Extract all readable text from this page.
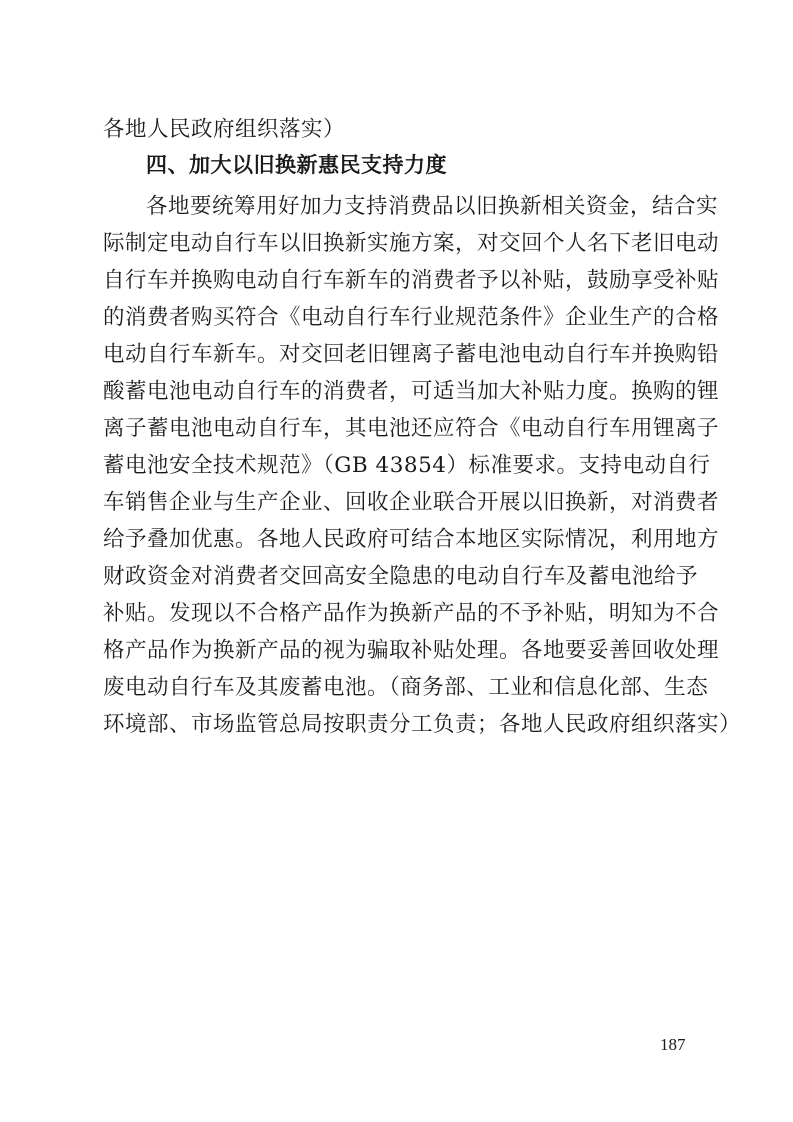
各地人民政府组织落实）
四、加大以旧换新惠民支持力度
各地要统筹用好加力支持消费品以旧换新相关资金，结合实
际制定电动自行车以旧换新实施方案，对交回个人名下老旧电动
自行车并换购电动自行车新车的消费者予以补贴，鼓励享受补贴
的消费者购买符合《电动自行车行业规范条件》企业生产的合格
电动自行车新车。对交回老旧锂离子蓄电池电动自行车并换购铅
酸蓄电池电动自行车的消费者，可适当加大补贴力度。换购的锂
离子蓄电池电动自行车，其电池还应符合《电动自行车用锂离子
蓄电池安全技术规范》（GB 43854）标准要求。支持电动自行
车销售企业与生产企业、回收企业联合开展以旧换新，对消费者
给予叠加优惠。各地人民政府可结合本地区实际情况，利用地方
财政资金对消费者交回高安全隐患的电动自行车及蓄电池给予
补贴。发现以不合格产品作为换新产品的不予补贴，明知为不合
格产品作为换新产品的视为骗取补贴处理。各地要妥善回收处理
废电动自行车及其废蓄电池。（商务部、工业和信息化部、生态
环境部、市场监管总局按职责分工负责；各地人民政府组织落实）
187
